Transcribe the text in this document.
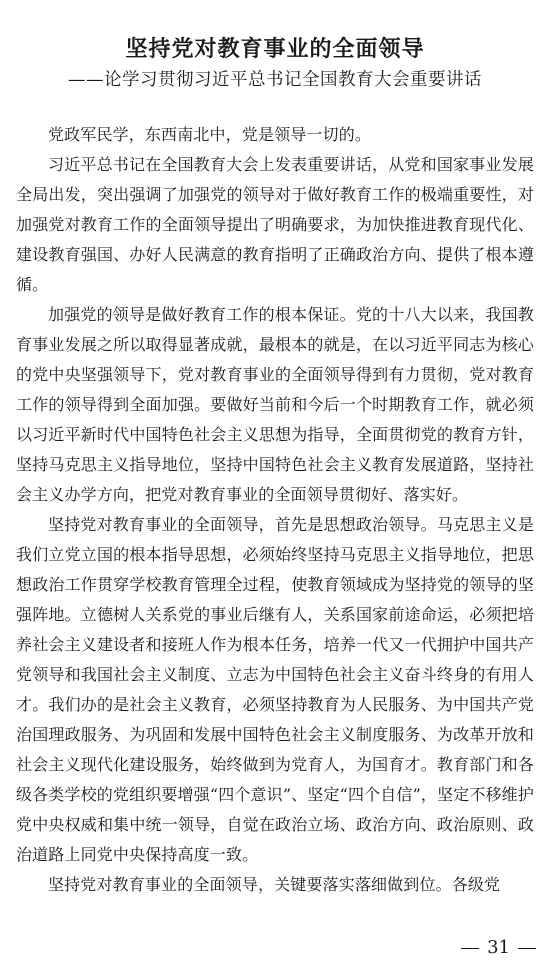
坚持党对教育事业的全面领导
——论学习贯彻习近平总书记全国教育大会重要讲话

党政军民学，东西南北中，党是领导一切的。

习近平总书记在全国教育大会上发表重要讲话，从党和国家事业发展全局出发，突出强调了加强党的领导对于做好教育工作的极端重要性，对加强党对教育工作的全面领导提出了明确要求，为加快推进教育现代化、建设教育强国、办好人民满意的教育指明了正确政治方向、提供了根本遵循。

加强党的领导是做好教育工作的根本保证。党的十八大以来，我国教育事业发展之所以取得显著成就，最根本的就是，在以习近平同志为核心的党中央坚强领导下，党对教育事业的全面领导得到有力贯彻，党对教育工作的领导得到全面加强。要做好当前和今后一个时期教育工作，就必须以习近平新时代中国特色社会主义思想为指导，全面贯彻党的教育方针，坚持马克思主义指导地位，坚持中国特色社会主义教育发展道路，坚持社会主义办学方向，把党对教育事业的全面领导贯彻好、落实好。

坚持党对教育事业的全面领导，首先是思想政治领导。马克思主义是我们立党立国的根本指导思想，必须始终坚持马克思主义指导地位，把思想政治工作贯穿学校教育管理全过程，使教育领域成为坚持党的领导的坚强阵地。立德树人关系党的事业后继有人，关系国家前途命运，必须把培养社会主义建设者和接班人作为根本任务，培养一代又一代拥护中国共产党领导和我国社会主义制度、立志为中国特色社会主义奋斗终身的有用人才。我们办的是社会主义教育，必须坚持教育为人民服务、为中国共产党治国理政服务、为巩固和发展中国特色社会主义制度服务、为改革开放和社会主义现代化建设服务，始终做到为党育人，为国育才。教育部门和各级各类学校的党组织要增强“四个意识”、坚定“四个自信”，坚定不移维护党中央权威和集中统一领导，自觉在政治立场、政治方向、政治原则、政治道路上同党中央保持高度一致。

坚持党对教育事业的全面领导，关键要落实落细做到位。各级党

31
